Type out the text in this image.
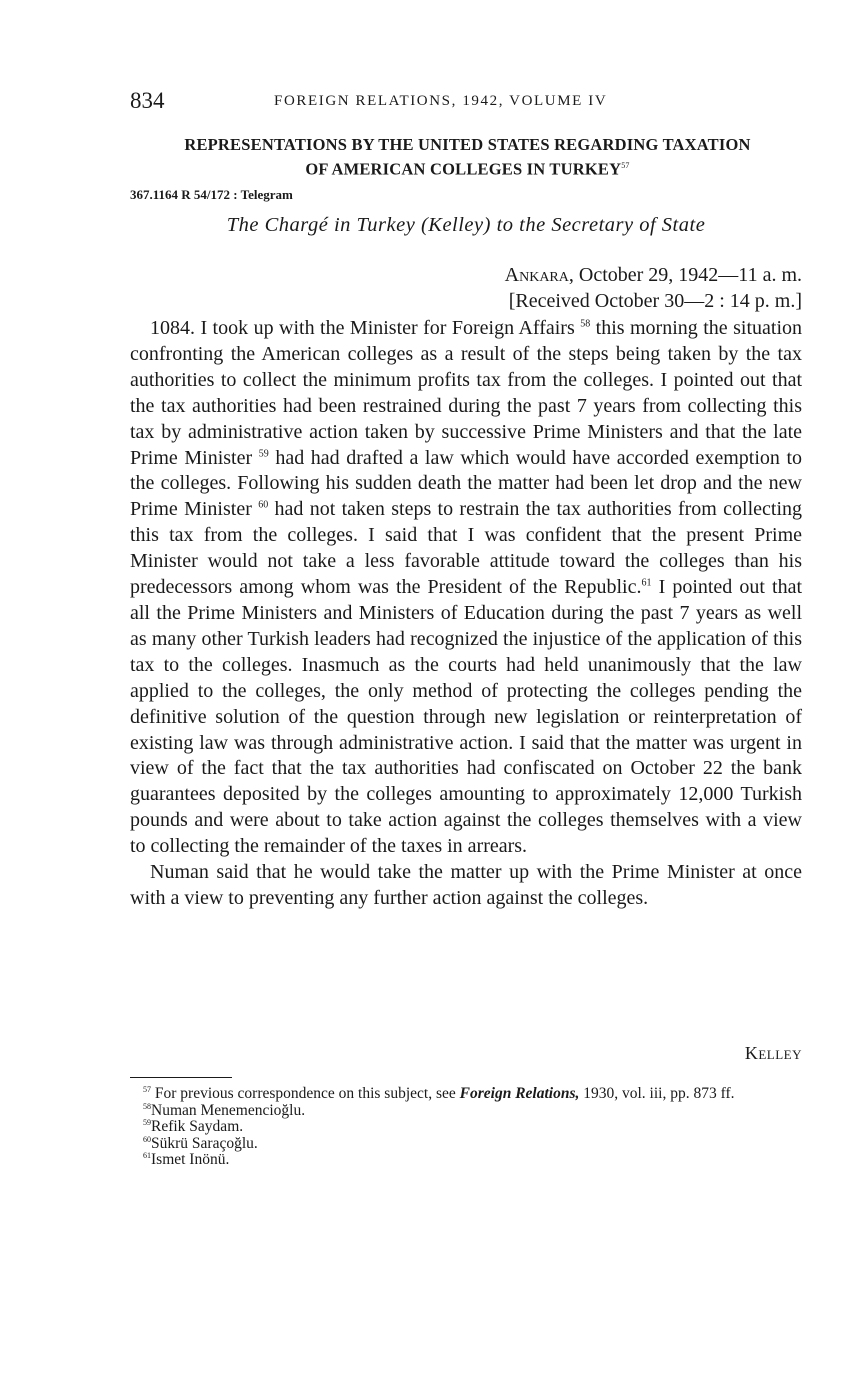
834	FOREIGN RELATIONS, 1942, VOLUME IV
REPRESENTATIONS BY THE UNITED STATES REGARDING TAXATION
OF AMERICAN COLLEGES IN TURKEY$^{57}$
367.1164 R 54/172 : Telegram
The Chargé in Turkey (Kelley) to the Secretary of State
Ankara, October 29, 1942—11 a. m.
[Received October 30—2 : 14 p. m.]

1084. I took up with the Minister for Foreign Affairs $^{58}$ this morning the situation confronting the American colleges as a result of the steps being taken by the tax authorities to collect the minimum profits tax from the colleges. I pointed out that the tax authorities had been restrained during the past 7 years from collecting this tax by administrative action taken by successive Prime Ministers and that the late Prime Minister $^{59}$ had had drafted a law which would have accorded exemption to the colleges. Following his sudden death the matter had been let drop and the new Prime Minister $^{60}$ had not taken steps to restrain the tax authorities from collecting this tax from the colleges. I said that I was confident that the present Prime Minister would not take a less favorable attitude toward the colleges than his predecessors among whom was the President of the Republic.$^{61}$ I pointed out that all the Prime Ministers and Ministers of Education during the past 7 years as well as many other Turkish leaders had recognized the injustice of the application of this tax to the colleges. Inasmuch as the courts had held unanimously that the law applied to the colleges, the only method of protecting the colleges pending the definitive solution of the question through new legislation or reinterpretation of existing law was through administrative action. I said that the matter was urgent in view of the fact that the tax authorities had confiscated on October 22 the bank guarantees deposited by the colleges amounting to approximately 12,000 Turkish pounds and were about to take action against the colleges themselves with a view to collecting the remainder of the taxes in arrears.

Numan said that he would take the matter up with the Prime Minister at once with a view to preventing any further action against the colleges.

Kelley

$^{57}$ For previous correspondence on this subject, see Foreign Relations, 1930, vol. iii, pp. 873 ff.

$^{58}$Numan Menemencioğlu.

$^{59}$Refik Saydam.

$^{60}$Sükrü Saraçoğlu.

$^{61}$Ismet Inönü.
